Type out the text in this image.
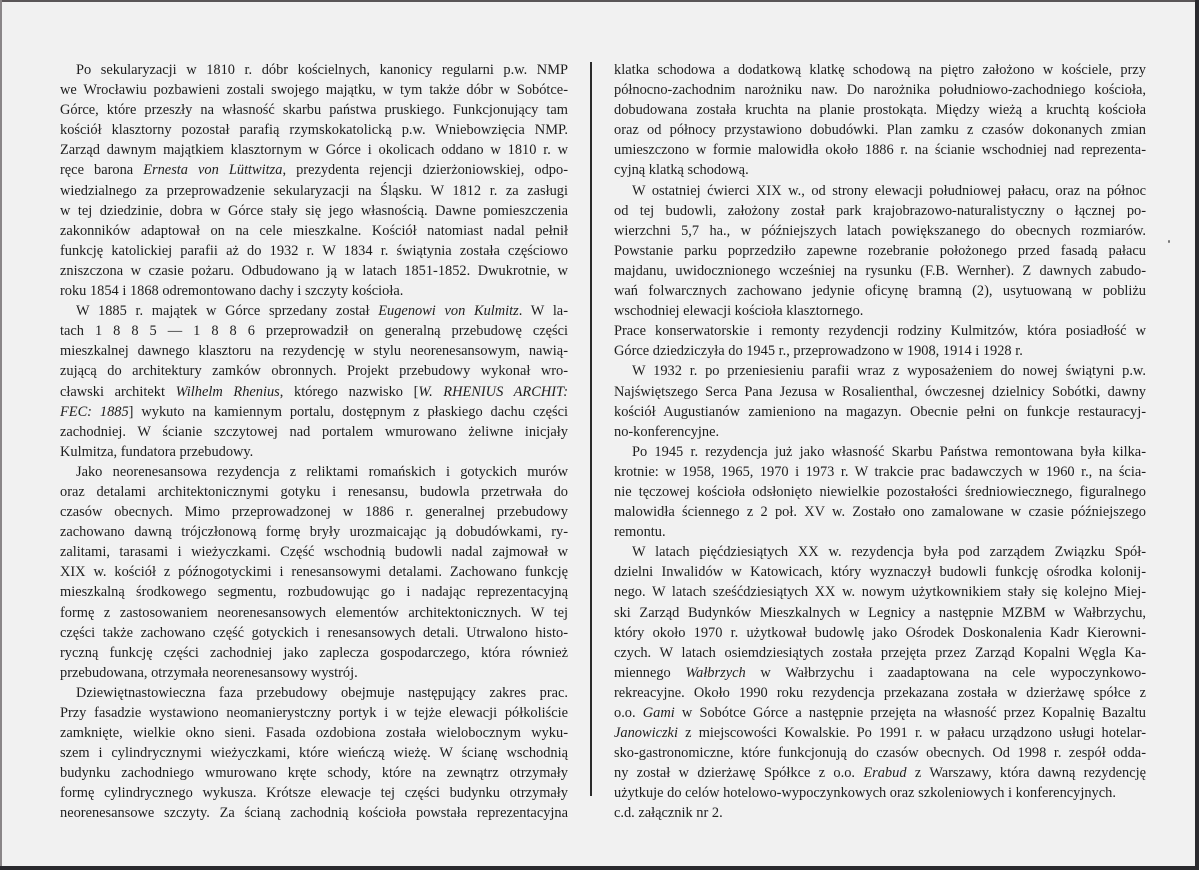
Po sekularyzacji w 1810 r. dóbr kościelnych, kanonicy regularni p.w. NMP
we Wrocławiu pozbawieni zostali swojego majątku, w tym także dóbr w Sobótce-
Górce, które przeszły na własność skarbu państwa pruskiego. Funkcjonujący tam
kościół klasztorny pozostał parafią rzymskokatolicką p.w. Wniebowzięcia NMP.
Zarząd dawnym majątkiem klasztornym w Górce i okolicach oddano w 1810 r. w
ręce barona Ernesta von Lüttwitza, prezydenta rejencji dzierżoniowskiej, odpo-
wiedzialnego za przeprowadzenie sekularyzacji na Śląsku. W 1812 r. za zasługi
w tej dziedzinie, dobra w Górce stały się jego własnością. Dawne pomieszczenia
zakonników adaptował on na cele mieszkalne. Kościół natomiast nadal pełnił
funkcję katolickiej parafii aż do 1932 r. W 1834 r. świątynia została częściowo
zniszczona w czasie pożaru. Odbudowano ją w latach 1851-1852. Dwukrotnie, w
roku 1854 i 1868 odremontowano dachy i szczyty kościoła.
W 1885 r. majątek w Górce sprzedany został Eugenowi von Kulmitz. W la-
tach 1 8 8 5 — 1 8 8 6 przeprowadził on generalną przebudowę części
mieszkalnej dawnego klasztoru na rezydencję w stylu neorenesansowym, nawią-
zującą do architektury zamków obronnych. Projekt przebudowy wykonał wro-
cławski architekt Wilhelm Rhenius, którego nazwisko [W. RHENIUS ARCHIT:
FEC: 1885] wykuto na kamiennym portalu, dostępnym z płaskiego dachu części
zachodniej. W ścianie szczytowej nad portalem wmurowano żeliwne inicjały
Kulmitza, fundatora przebudowy.
Jako neorenesansowa rezydencja z reliktami romańskich i gotyckich murów
oraz detalami architektonicznymi gotyku i renesansu, budowla przetrwała do
czasów obecnych. Mimo przeprowadzonej w 1886 r. generalnej przebudowy
zachowano dawną trójczłonową formę bryły urozmaicając ją dobudówkami, ry-
zalitami, tarasami i wieżyczkami. Część wschodnią budowli nadal zajmował w
XIX w. kościół z późnogotyckimi i renesansowymi detalami. Zachowano funkcję
mieszkalną środkowego segmentu, rozbudowując go i nadając reprezentacyjną
formę z zastosowaniem neorenesansowych elementów architektonicznych. W tej
części także zachowano część gotyckich i renesansowych detali. Utrwalono histo-
ryczną funkcję części zachodniej jako zaplecza gospodarczego, która również
przebudowana, otrzymała neorenesansowy wystrój.
Dziewiętnastowieczna faza przebudowy obejmuje następujący zakres prac.
Przy fasadzie wystawiono neomanierystczny portyk i w tejże elewacji półkoliście
zamknięte, wielkie okno sieni. Fasada ozdobiona została wielobocznym wyku-
szem i cylindrycznymi wieżyczkami, które wieńczą wieżę. W ścianę wschodnią
budynku zachodniego wmurowano kręte schody, które na zewnątrz otrzymały
formę cylindrycznego wykusza. Krótsze elewacje tej części budynku otrzymały
neorenesansowe szczyty. Za ścianą zachodnią kościoła powstała reprezentacyjna
klatka schodowa a dodatkową klatkę schodową na piętro założono w kościele, przy
północno-zachodnim narożniku naw. Do narożnika południowo-zachodniego kościoła,
dobudowana została kruchta na planie prostokąta. Między wieżą a kruchtą kościoła
oraz od północy przystawiono dobudówki. Plan zamku z czasów dokonanych zmian
umieszczono w formie malowidła około 1886 r. na ścianie wschodniej nad reprezenta-
cyjną klatką schodową.
W ostatniej ćwierci XIX w., od strony elewacji południowej pałacu, oraz na północ
od tej budowli, założony został park krajobrazowo-naturalistyczny o łącznej po-
wierzchni 5,7 ha., w późniejszych latach powiększanego do obecnych rozmiarów.
Powstanie parku poprzedziło zapewne rozebranie położonego przed fasadą pałacu
majdanu, uwidocznionego wcześniej na rysunku (F.B. Wernher). Z dawnych zabudo-
wań folwarcznych zachowano jedynie oficynę bramną (2), usytuowaną w pobliżu
wschodniej elewacji kościoła klasztornego.
Prace konserwatorskie i remonty rezydencji rodziny Kulmitzów, która posiadłość w
Górce dziedziczyła do 1945 r., przeprowadzono w 1908, 1914 i 1928 r.
W 1932 r. po przeniesieniu parafii wraz z wyposażeniem do nowej świątyni p.w.
Najświętszego Serca Pana Jezusa w Rosalienthal, ówczesnej dzielnicy Sobótki, dawny
kościół Augustianów zamieniono na magazyn. Obecnie pełni on funkcje restauracyj-
no-konferencyjne.
Po 1945 r. rezydencja już jako własność Skarbu Państwa remontowana była kilka-
krotnie: w 1958, 1965, 1970 i 1973 r. W trakcie prac badawczych w 1960 r., na ścia-
nie tęczowej kościoła odsłonięto niewielkie pozostałości średniowiecznego, figuralnego
malowidła ściennego z 2 poł. XV w. Zostało ono zamalowane w czasie późniejszego
remontu.
W latach pięćdziesiątych XX w. rezydencja była pod zarządem Związku Spół-
dzielni Inwalidów w Katowicach, który wyznaczył budowli funkcję ośrodka kolonij-
nego. W latach sześćdziesiątych XX w. nowym użytkownikiem stały się kolejno Miej-
ski Zarząd Budynków Mieszkalnych w Legnicy a następnie MZBM w Wałbrzychu,
który około 1970 r. użytkował budowlę jako Ośrodek Doskonalenia Kadr Kierowni-
czych. W latach osiemdziesiątych została przejęta przez Zarząd Kopalni Węgla Ka-
miennego Wałbrzych w Wałbrzychu i zaadaptowana na cele wypoczynkowo-
rekreacyjne. Około 1990 roku rezydencja przekazana została w dzierżawę spółce z
o.o. Gami w Sobótce Górce a następnie przejęta na własność przez Kopalnię Bazaltu
Janowiczki z miejscowości Kowalskie. Po 1991 r. w pałacu urządzono usługi hotelar-
sko-gastronomiczne, które funkcjonują do czasów obecnych. Od 1998 r. zespół odda-
ny został w dzierżawę Spółkce z o.o. Erabud z Warszawy, która dawną rezydencję
użytkuje do celów hotelowo-wypoczynkowych oraz szkoleniowych i konferencyjnych.
c.d. załącznik nr 2.
